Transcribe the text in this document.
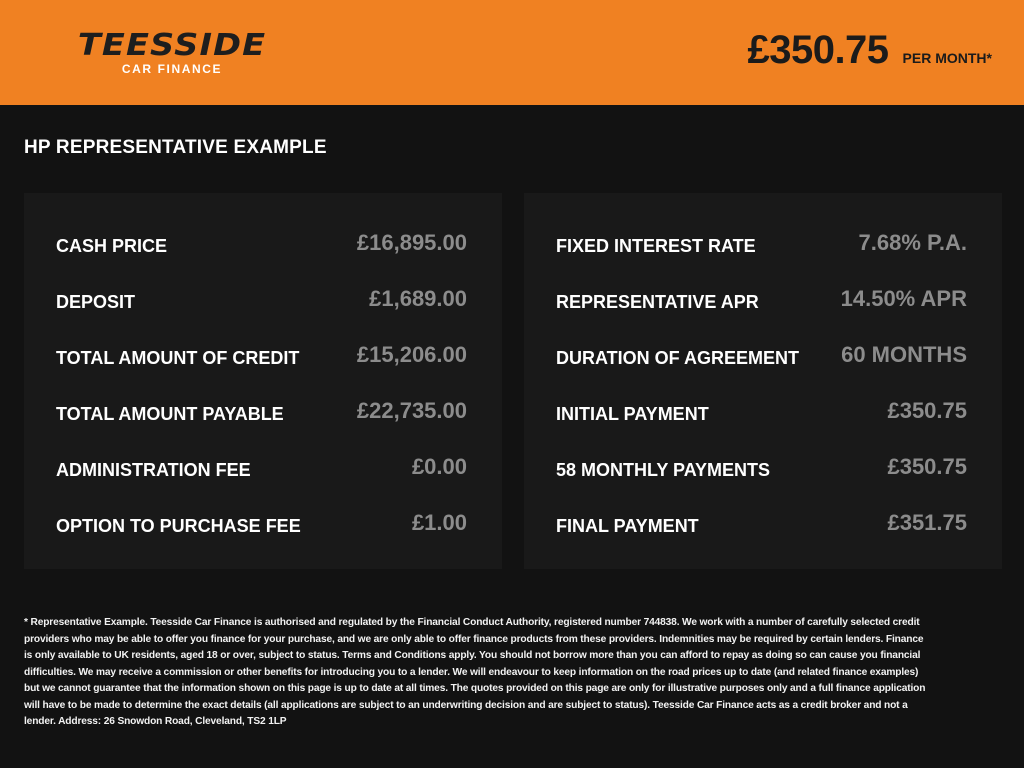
TEESSIDE
CAR FINANCE	£350.75 PER MONTH*
HP REPRESENTATIVE EXAMPLE
CASH PRICE	£16,895.00
DEPOSIT	£1,689.00
TOTAL AMOUNT OF CREDIT	£15,206.00
TOTAL AMOUNT PAYABLE	£22,735.00
ADMINISTRATION FEE	£0.00
OPTION TO PURCHASE FEE	£1.00
FIXED INTEREST RATE	7.68% P.A.
REPRESENTATIVE APR	14.50% APR
DURATION OF AGREEMENT 60 MONTHS
INITIAL PAYMENT	£350.75
58 MONTHLY PAYMENTS	£350.75
FINAL PAYMENT	£351.75
* Representative Example. Teesside Car Finance is authorised and regulated by the Financial Conduct Authority, registered number 744838. We work with a number of carefully selected credit providers who may be able to offer you finance for your purchase, and we are only able to offer finance products from these providers. Indemnities may be required by certain lenders. Finance is only available to UK residents, aged 18 or over, subject to status. Terms and Conditions apply. You should not borrow more than you can afford to repay as doing so can cause you financial difficulties. We may receive a commission or other benefits for introducing you to a lender. We will endeavour to keep information on the road prices up to date (and related finance examples) but we cannot guarantee that the information shown on this page is up to date at all times. The quotes provided on this page are only for illustrative purposes only and a full finance application will have to be made to determine the exact details (all applications are subject to an underwriting decision and are subject to status). Teesside Car Finance acts as a credit broker and not a lender. Address: 26 Snowdon Road, Cleveland, TS2 1LP
